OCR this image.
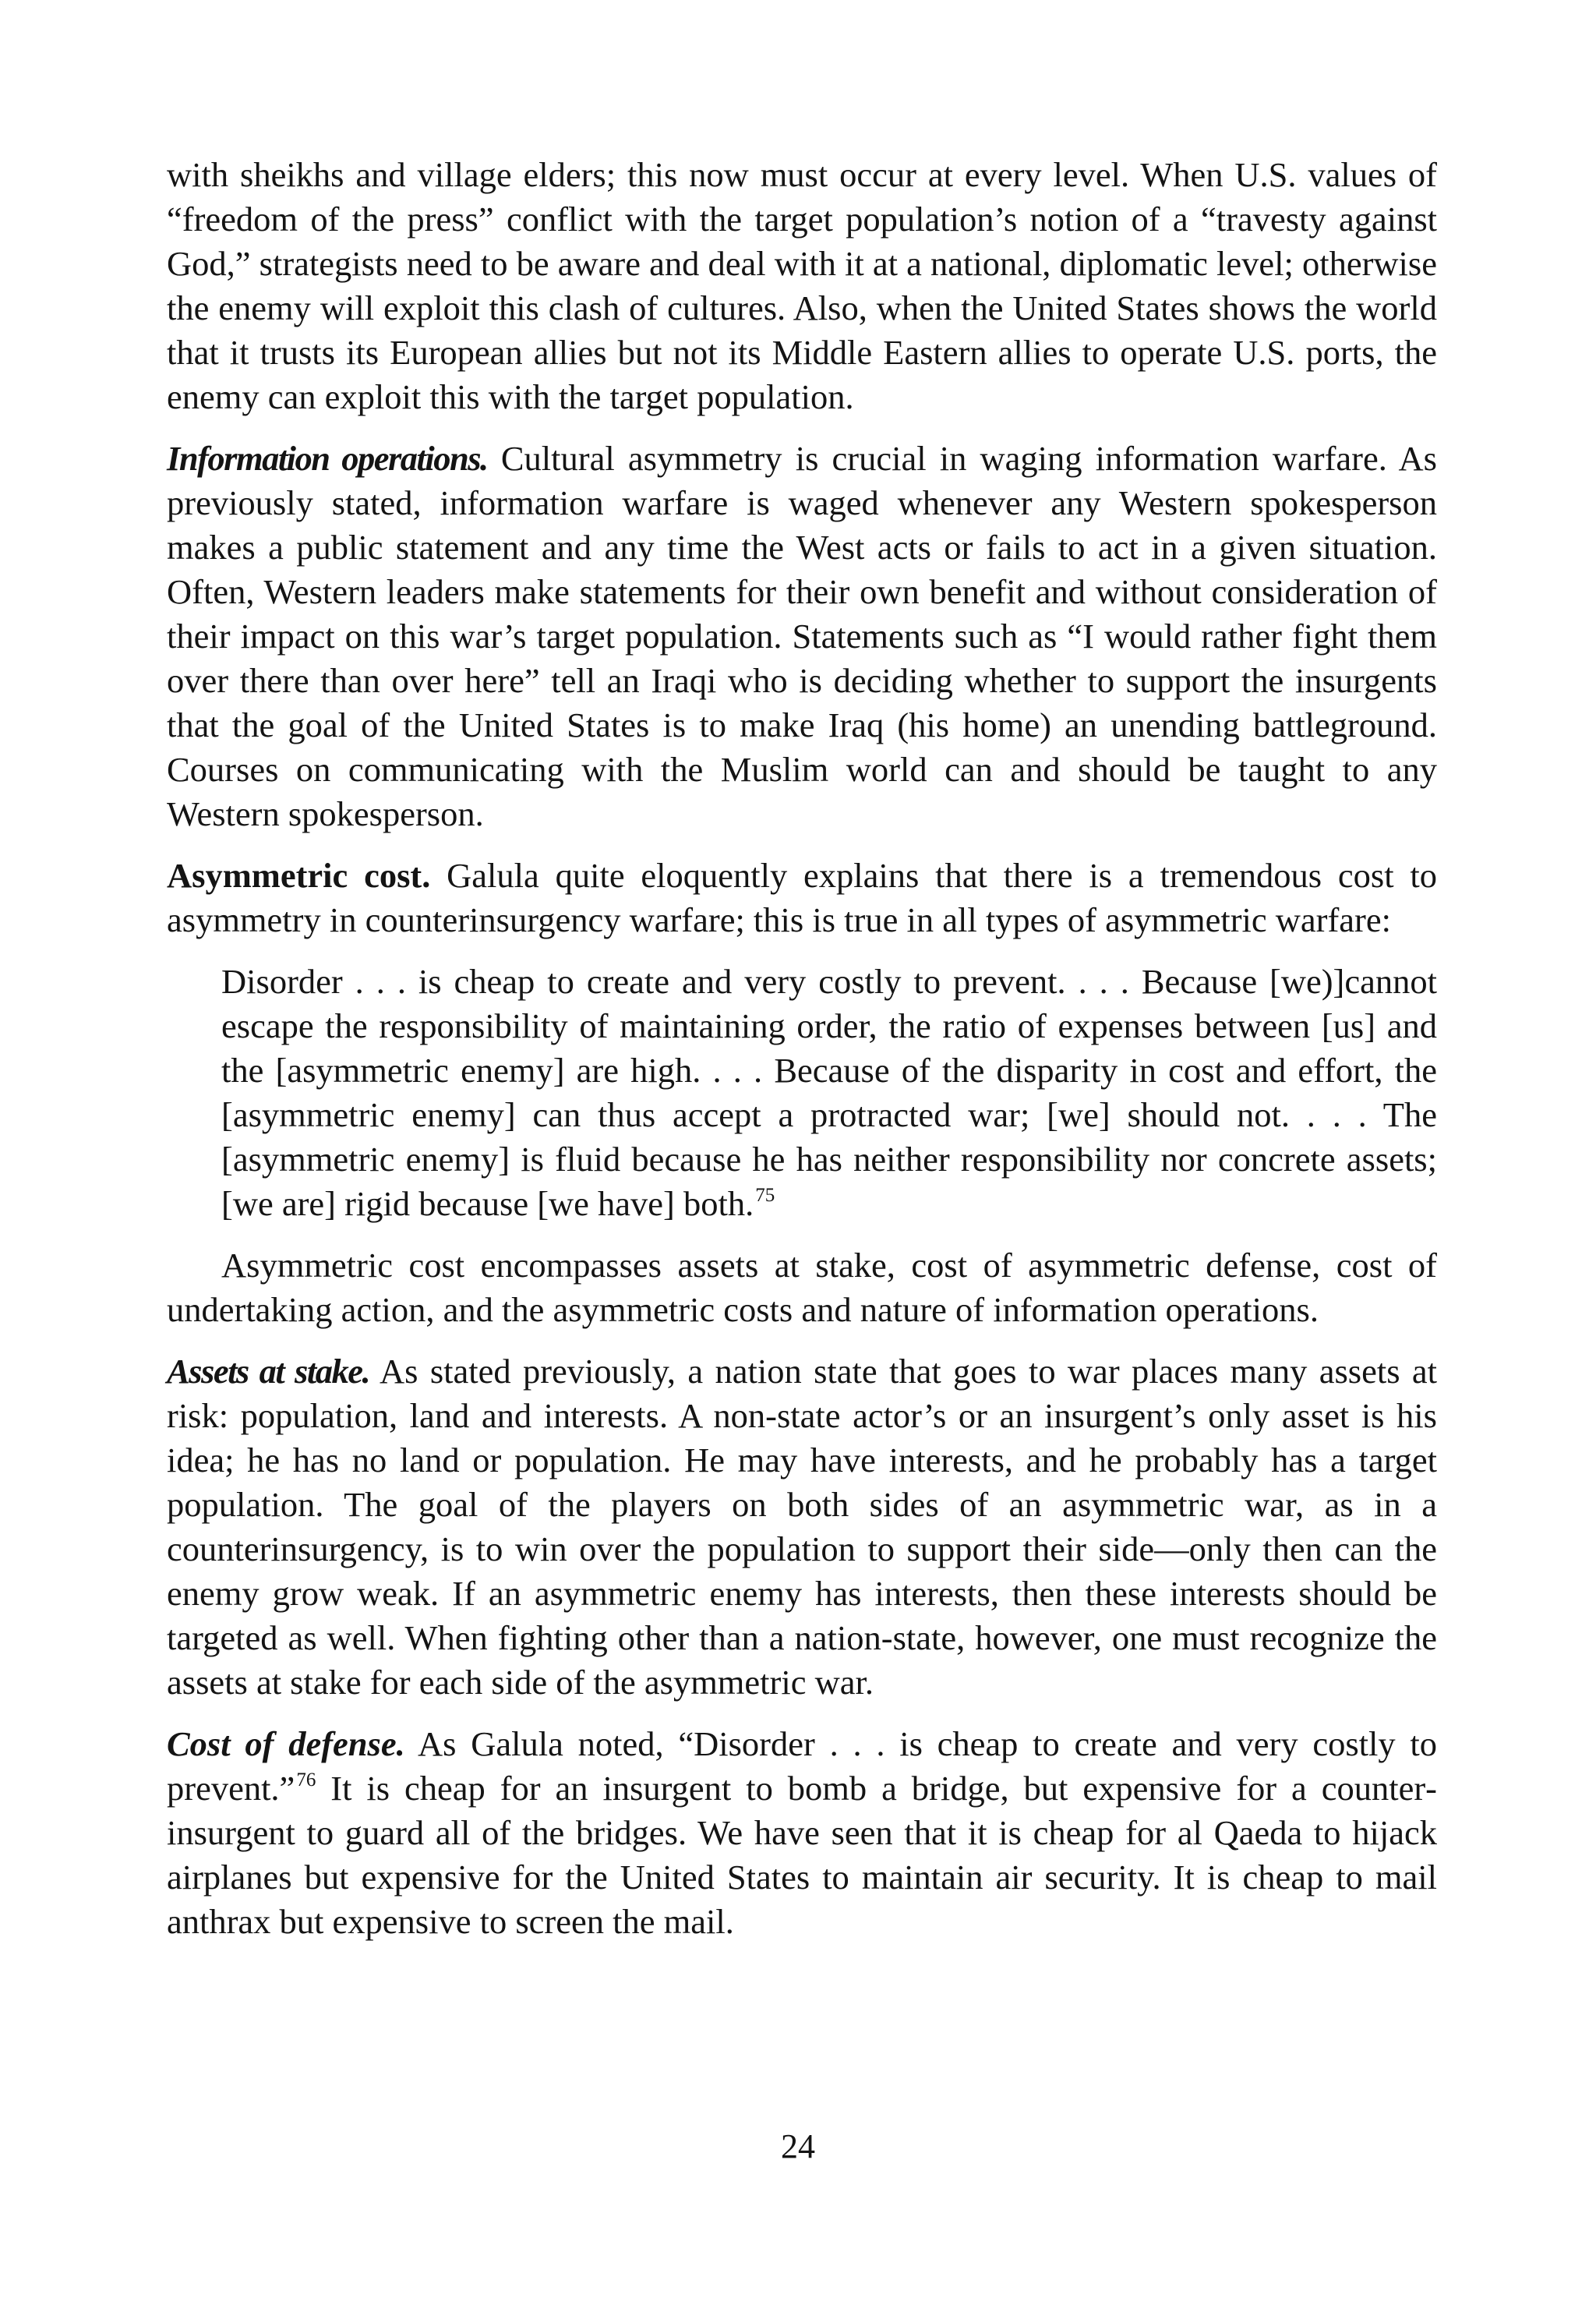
with sheikhs and village elders; this now must occur at every level. When U.S. values of “freedom of the press” conflict with the target population’s notion of a “travesty against God,” strategists need to be aware and deal with it at a national, diplomatic level; otherwise the enemy will exploit this clash of cultures. Also, when the United States shows the world that it trusts its European allies but not its Middle Eastern allies to operate U.S. ports, the enemy can exploit this with the target population.

Information operations. Cultural asymmetry is crucial in waging information warfare. As previously stated, information warfare is waged whenever any Western spokesperson makes a public statement and any time the West acts or fails to act in a given situation. Often, Western leaders make statements for their own benefit and without consideration of their impact on this war’s target population. Statements such as “I would rather fight them over there than over here” tell an Iraqi who is deciding whether to support the insurgents that the goal of the United States is to make Iraq (his home) an unending battleground. Courses on communicating with the Muslim world can and should be taught to any Western spokesperson.

Asymmetric cost. Galula quite eloquently explains that there is a tremendous cost to asymmetry in counterinsurgency warfare; this is true in all types of asymmetric warfare:

Disorder . . . is cheap to create and very costly to prevent. . . . Because [we)]cannot escape the responsibility of maintaining order, the ratio of expenses between [us] and the [asymmetric enemy] are high. . . . Because of the disparity in cost and effort, the [asymmetric enemy] can thus accept a protracted war; [we] should not. . . . The [asymmetric enemy] is fluid because he has neither responsibility nor concrete assets; [we are] rigid because [we have] both.$^{75}$

Asymmetric cost encompasses assets at stake, cost of asymmetric defense, cost of undertaking action, and the asymmetric costs and nature of information operations.

Assets at stake. As stated previously, a nation state that goes to war places many assets at risk: population, land and interests. A non-state actor’s or an insurgent’s only asset is his idea; he has no land or population. He may have interests, and he probably has a target population. The goal of the players on both sides of an asymmetric war, as in a counterinsurgency, is to win over the population to support their side—only then can the enemy grow weak. If an asymmetric enemy has interests, then these interests should be targeted as well. When fighting other than a nation-state, however, one must recognize the assets at stake for each side of the asymmetric war.

Cost of defense. As Galula noted, “Disorder . . . is cheap to create and very costly to prevent.”$^{76}$ It is cheap for an insurgent to bomb a bridge, but expensive for a counterinsurgent to guard all of the bridges. We have seen that it is cheap for al Qaeda to hijack airplanes but expensive for the United States to maintain air security. It is cheap to mail anthrax but expensive to screen the mail.

24
